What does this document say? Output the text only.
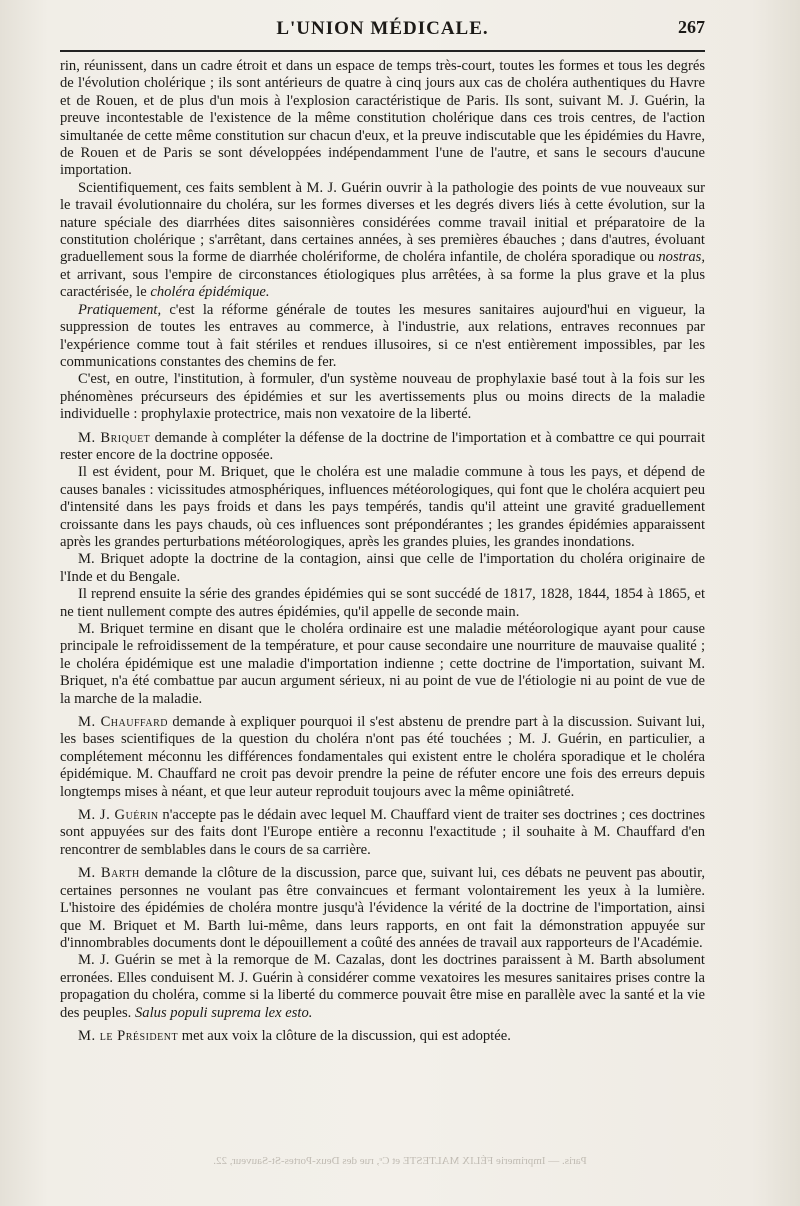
L'UNION MÉDICALE.	267

rin, réunissent, dans un cadre étroit et dans un espace de temps très-court, toutes les formes et tous les degrés de l'évolution cholérique ; ils sont antérieurs de quatre à cinq jours aux cas de choléra authentiques du Havre et de Rouen, et de plus d'un mois à l'explosion caractéristique de Paris. Ils sont, suivant M. J. Guérin, la preuve incontestable de l'existence de la même constitution cholérique dans ces trois centres, de l'action simultanée de cette même constitution sur chacun d'eux, et la preuve indiscutable que les épidémies du Havre, de Rouen et de Paris se sont développées indépendamment l'une de l'autre, et sans le secours d'aucune importation.

Scientifiquement, ces faits semblent à M. J. Guérin ouvrir à la pathologie des points de vue nouveaux sur le travail évolutionnaire du choléra, sur les formes diverses et les degrés divers liés à cette évolution, sur la nature spéciale des diarrhées dites saisonnières considérées comme travail initial et préparatoire de la constitution cholérique ; s'arrêtant, dans certaines années, à ses premières ébauches ; dans d'autres, évoluant graduellement sous la forme de diarrhée cholériforme, de choléra infantile, de choléra sporadique ou nostras, et arrivant, sous l'empire de circonstances étiologiques plus arrêtées, à sa forme la plus grave et la plus caractérisée, le choléra épidémique.

Pratiquement, c'est la réforme générale de toutes les mesures sanitaires aujourd'hui en vigueur, la suppression de toutes les entraves au commerce, à l'industrie, aux relations, entraves reconnues par l'expérience comme tout à fait stériles et rendues illusoires, si ce n'est entièrement impossibles, par les communications constantes des chemins de fer.

C'est, en outre, l'institution, à formuler, d'un système nouveau de prophylaxie basé tout à la fois sur les phénomènes précurseurs des épidémies et sur les avertissements plus ou moins directs de la maladie individuelle : prophylaxie protectrice, mais non vexatoire de la liberté.

M. Briquet demande à compléter la défense de la doctrine de l'importation et à combattre ce qui pourrait rester encore de la doctrine opposée.

Il est évident, pour M. Briquet, que le choléra est une maladie commune à tous les pays, et dépend de causes banales : vicissitudes atmosphériques, influences météorologiques, qui font que le choléra acquiert peu d'intensité dans les pays froids et dans les pays tempérés, tandis qu'il atteint une gravité graduellement croissante dans les pays chauds, où ces influences sont prépondérantes ; les grandes épidémies apparaissent après les grandes perturbations météorologiques, après les grandes pluies, les grandes inondations.

M. Briquet adopte la doctrine de la contagion, ainsi que celle de l'importation du choléra originaire de l'Inde et du Bengale.

Il reprend ensuite la série des grandes épidémies qui se sont succédé de 1817, 1828, 1844, 1854 à 1865, et ne tient nullement compte des autres épidémies, qu'il appelle de seconde main.

M. Briquet termine en disant que le choléra ordinaire est une maladie météorologique ayant pour cause principale le refroidissement de la température, et pour cause secondaire une nourriture de mauvaise qualité ; le choléra épidémique est une maladie d'importation indienne ; cette doctrine de l'importation, suivant M. Briquet, n'a été combattue par aucun argument sérieux, ni au point de vue de l'étiologie ni au point de vue de la marche de la maladie.

M. Chauffard demande à expliquer pourquoi il s'est abstenu de prendre part à la discussion. Suivant lui, les bases scientifiques de la question du choléra n'ont pas été touchées ; M. J. Guérin, en particulier, a complétement méconnu les différences fondamentales qui existent entre le choléra sporadique et le choléra épidémique. M. Chauffard ne croit pas devoir prendre la peine de réfuter encore une fois des erreurs depuis longtemps mises à néant, et que leur auteur reproduit toujours avec la même opiniâtreté.

M. J. Guérin n'accepte pas le dédain avec lequel M. Chauffard vient de traiter ses doctrines ; ces doctrines sont appuyées sur des faits dont l'Europe entière a reconnu l'exactitude ; il souhaite à M. Chauffard d'en rencontrer de semblables dans le cours de sa carrière.

M. Barth demande la clôture de la discussion, parce que, suivant lui, ces débats ne peuvent pas aboutir, certaines personnes ne voulant pas être convaincues et fermant volontairement les yeux à la lumière. L'histoire des épidémies de choléra montre jusqu'à l'évidence la vérité de la doctrine de l'importation, ainsi que M. Briquet et M. Barth lui-même, dans leurs rapports, en ont fait la démonstration appuyée sur d'innombrables documents dont le dépouillement a coûté des années de travail aux rapporteurs de l'Académie.

M. J. Guérin se met à la remorque de M. Cazalas, dont les doctrines paraissent à M. Barth absolument erronées. Elles conduisent M. J. Guérin à considérer comme vexatoires les mesures sanitaires prises contre la propagation du choléra, comme si la liberté du commerce pouvait être mise en parallèle avec la santé et la vie des peuples. Salus populi suprema lex esto.

M. le Président met aux voix la clôture de la discussion, qui est adoptée.

Paris. — Imprimerie FÉLIX MALTESTE et Cᵉ, rue des Deux-Portes-St-Sauveur, 22.
